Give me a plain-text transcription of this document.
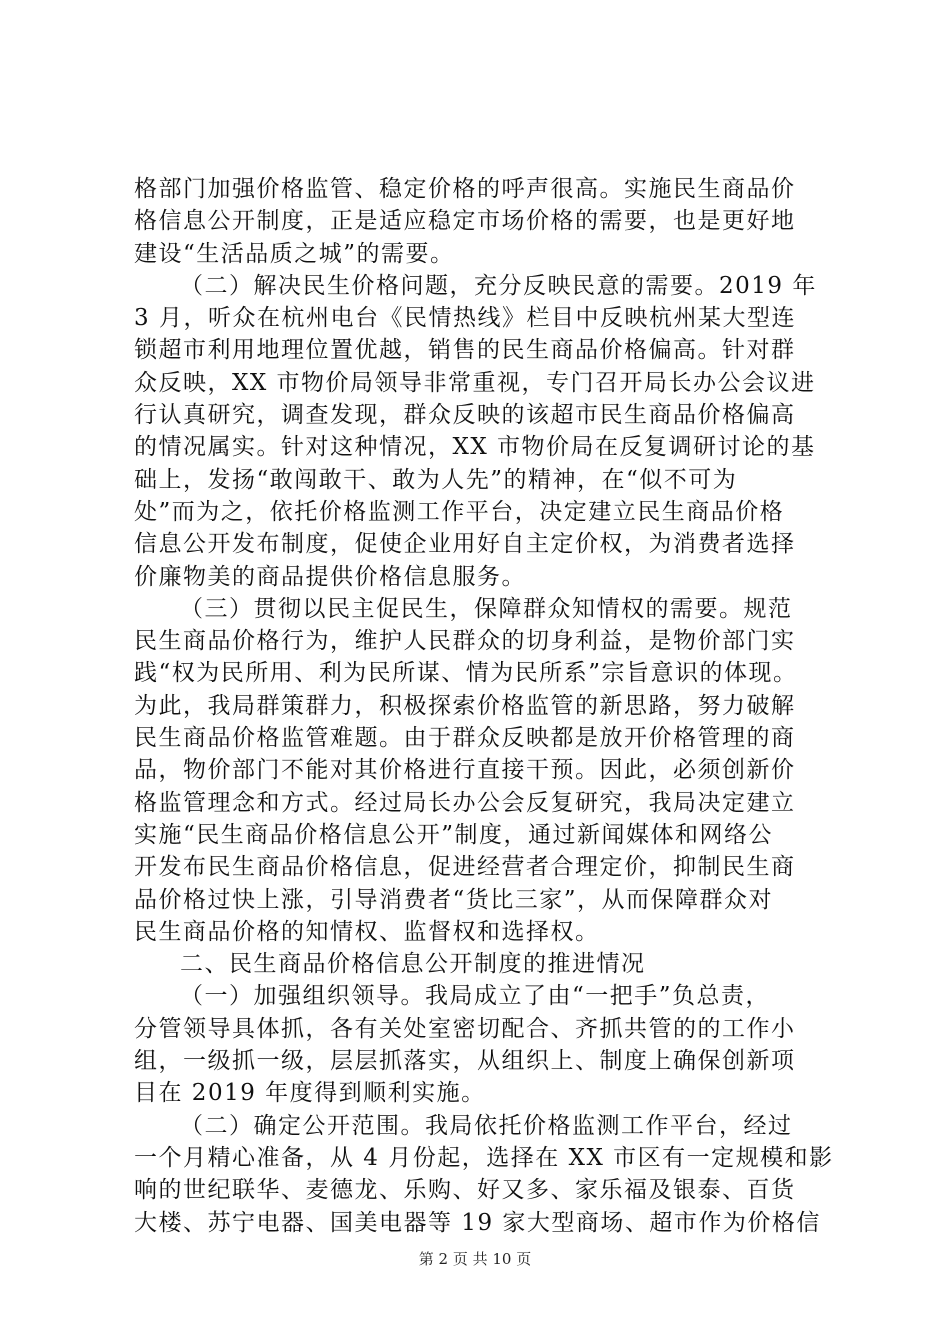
格部门加强价格监管、稳定价格的呼声很高。实施民生商品价
格信息公开制度，正是适应稳定市场价格的需要，也是更好地
建设“生活品质之城”的需要。
（二）解决民生价格问题，充分反映民意的需要。2019 年
3 月，听众在杭州电台《民情热线》栏目中反映杭州某大型连
锁超市利用地理位置优越，销售的民生商品价格偏高。针对群
众反映，XX 市物价局领导非常重视，专门召开局长办公会议进
行认真研究，调查发现，群众反映的该超市民生商品价格偏高
的情况属实。针对这种情况，XX 市物价局在反复调研讨论的基
础上，发扬“敢闯敢干、敢为人先”的精神，在“似不可为
处”而为之，依托价格监测工作平台，决定建立民生商品价格
信息公开发布制度，促使企业用好自主定价权，为消费者选择
价廉物美的商品提供价格信息服务。
（三）贯彻以民主促民生，保障群众知情权的需要。规范
民生商品价格行为，维护人民群众的切身利益，是物价部门实
践“权为民所用、利为民所谋、情为民所系”宗旨意识的体现。
为此，我局群策群力，积极探索价格监管的新思路，努力破解
民生商品价格监管难题。由于群众反映都是放开价格管理的商
品，物价部门不能对其价格进行直接干预。因此，必须创新价
格监管理念和方式。经过局长办公会反复研究，我局决定建立
实施“民生商品价格信息公开”制度，通过新闻媒体和网络公
开发布民生商品价格信息，促进经营者合理定价，抑制民生商
品价格过快上涨，引导消费者“货比三家”，从而保障群众对
民生商品价格的知情权、监督权和选择权。
二、民生商品价格信息公开制度的推进情况
（一）加强组织领导。我局成立了由“一把手”负总责，
分管领导具体抓，各有关处室密切配合、齐抓共管的的工作小
组，一级抓一级，层层抓落实，从组织上、制度上确保创新项
目在 2019 年度得到顺利实施。
（二）确定公开范围。我局依托价格监测工作平台，经过
一个月精心准备，从 4 月份起，选择在 XX 市区有一定规模和影
响的世纪联华、麦德龙、乐购、好又多、家乐福及银泰、百货
大楼、苏宁电器、国美电器等 19 家大型商场、超市作为价格信
第 2 页 共 10 页
